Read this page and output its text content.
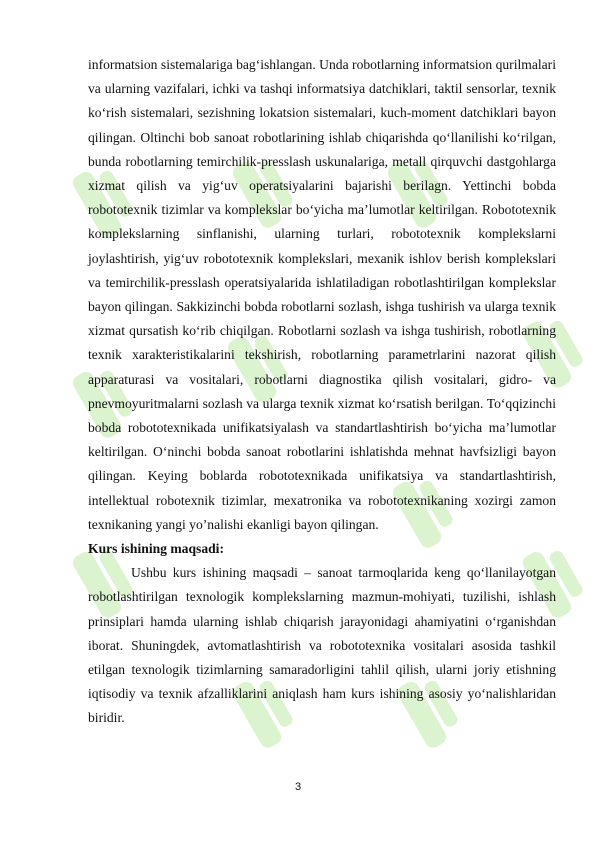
informatsion sistemalariga bag‘ishlangan. Unda robotlarning informatsion qurilmalari va ularning vazifalari, ichki va tashqi informatsiya datchiklari, taktil sensorlar, texnik ko‘rish sistemalari, sezishning lokatsion sistemalari, kuch-moment datchiklari bayon qilingan. Oltinchi bob sanoat robotlarining ishlab chiqarishda qo‘llanilishi ko‘rilgan, bunda robotlarning temirchilik-presslash uskunalariga, metall qirquvchi dastgohlarga xizmat qilish va yig‘uv operatsiyalarini bajarishi berilagn. Yettinchi bobda robototexnik tizimlar va komplekslar bo‘yicha ma’lumotlar keltirilgan. Robototexnik komplekslarning sinflanishi, ularning turlari, robototexnik komplekslarni joylashtirish, yig‘uv robototexnik komplekslari, mexanik ishlov berish komplekslari va temirchilik-presslash operatsiyalarida ishlatiladigan robotlashtirilgan komplekslar bayon qilingan. Sakkizinchi bobda robotlarni sozlash, ishga tushirish va ularga texnik xizmat qursatish ko‘rib chiqilgan. Robotlarni sozlash va ishga tushirish, robotlarning texnik xarakteristikalarini tekshirish, robotlarning parametrlarini nazorat qilish apparaturasi va vositalari, robotlarni diagnostika qilish vositalari, gidro- va pnevmoyuritmalarni sozlash va ularga texnik xizmat ko‘rsatish berilgan. To‘qqizinchi bobda robototexnikada unifikatsiyalash va standartlashtirish bo‘yicha ma’lumotlar keltirilgan. O‘ninchi bobda sanoat robotlarini ishlatishda mehnat havfsizligi bayon qilingan. Keying boblarda robototexnikada unifikatsiya va standartlashtirish, intellektual robotexnik tizimlar, mexatronika va robototexnikaning xozirgi zamon texnikaning yangi yo’nalishi ekanligi bayon qilingan.

Kurs ishining maqsadi:

Ushbu kurs ishining maqsadi – sanoat tarmoqlarida keng qo‘llanilayotgan robotlashtirilgan texnologik komplekslarning mazmun-mohiyati, tuzilishi, ishlash prinsiplari hamda ularning ishlab chiqarish jarayonidagi ahamiyatini o‘rganishdan iborat. Shuningdek, avtomatlashtirish va robototexnika vositalari asosida tashkil etilgan texnologik tizimlarning samaradorligini tahlil qilish, ularni joriy etishning iqtisodiy va texnik afzalliklarini aniqlash ham kurs ishining asosiy yo‘nalishlaridan biridir.

3
